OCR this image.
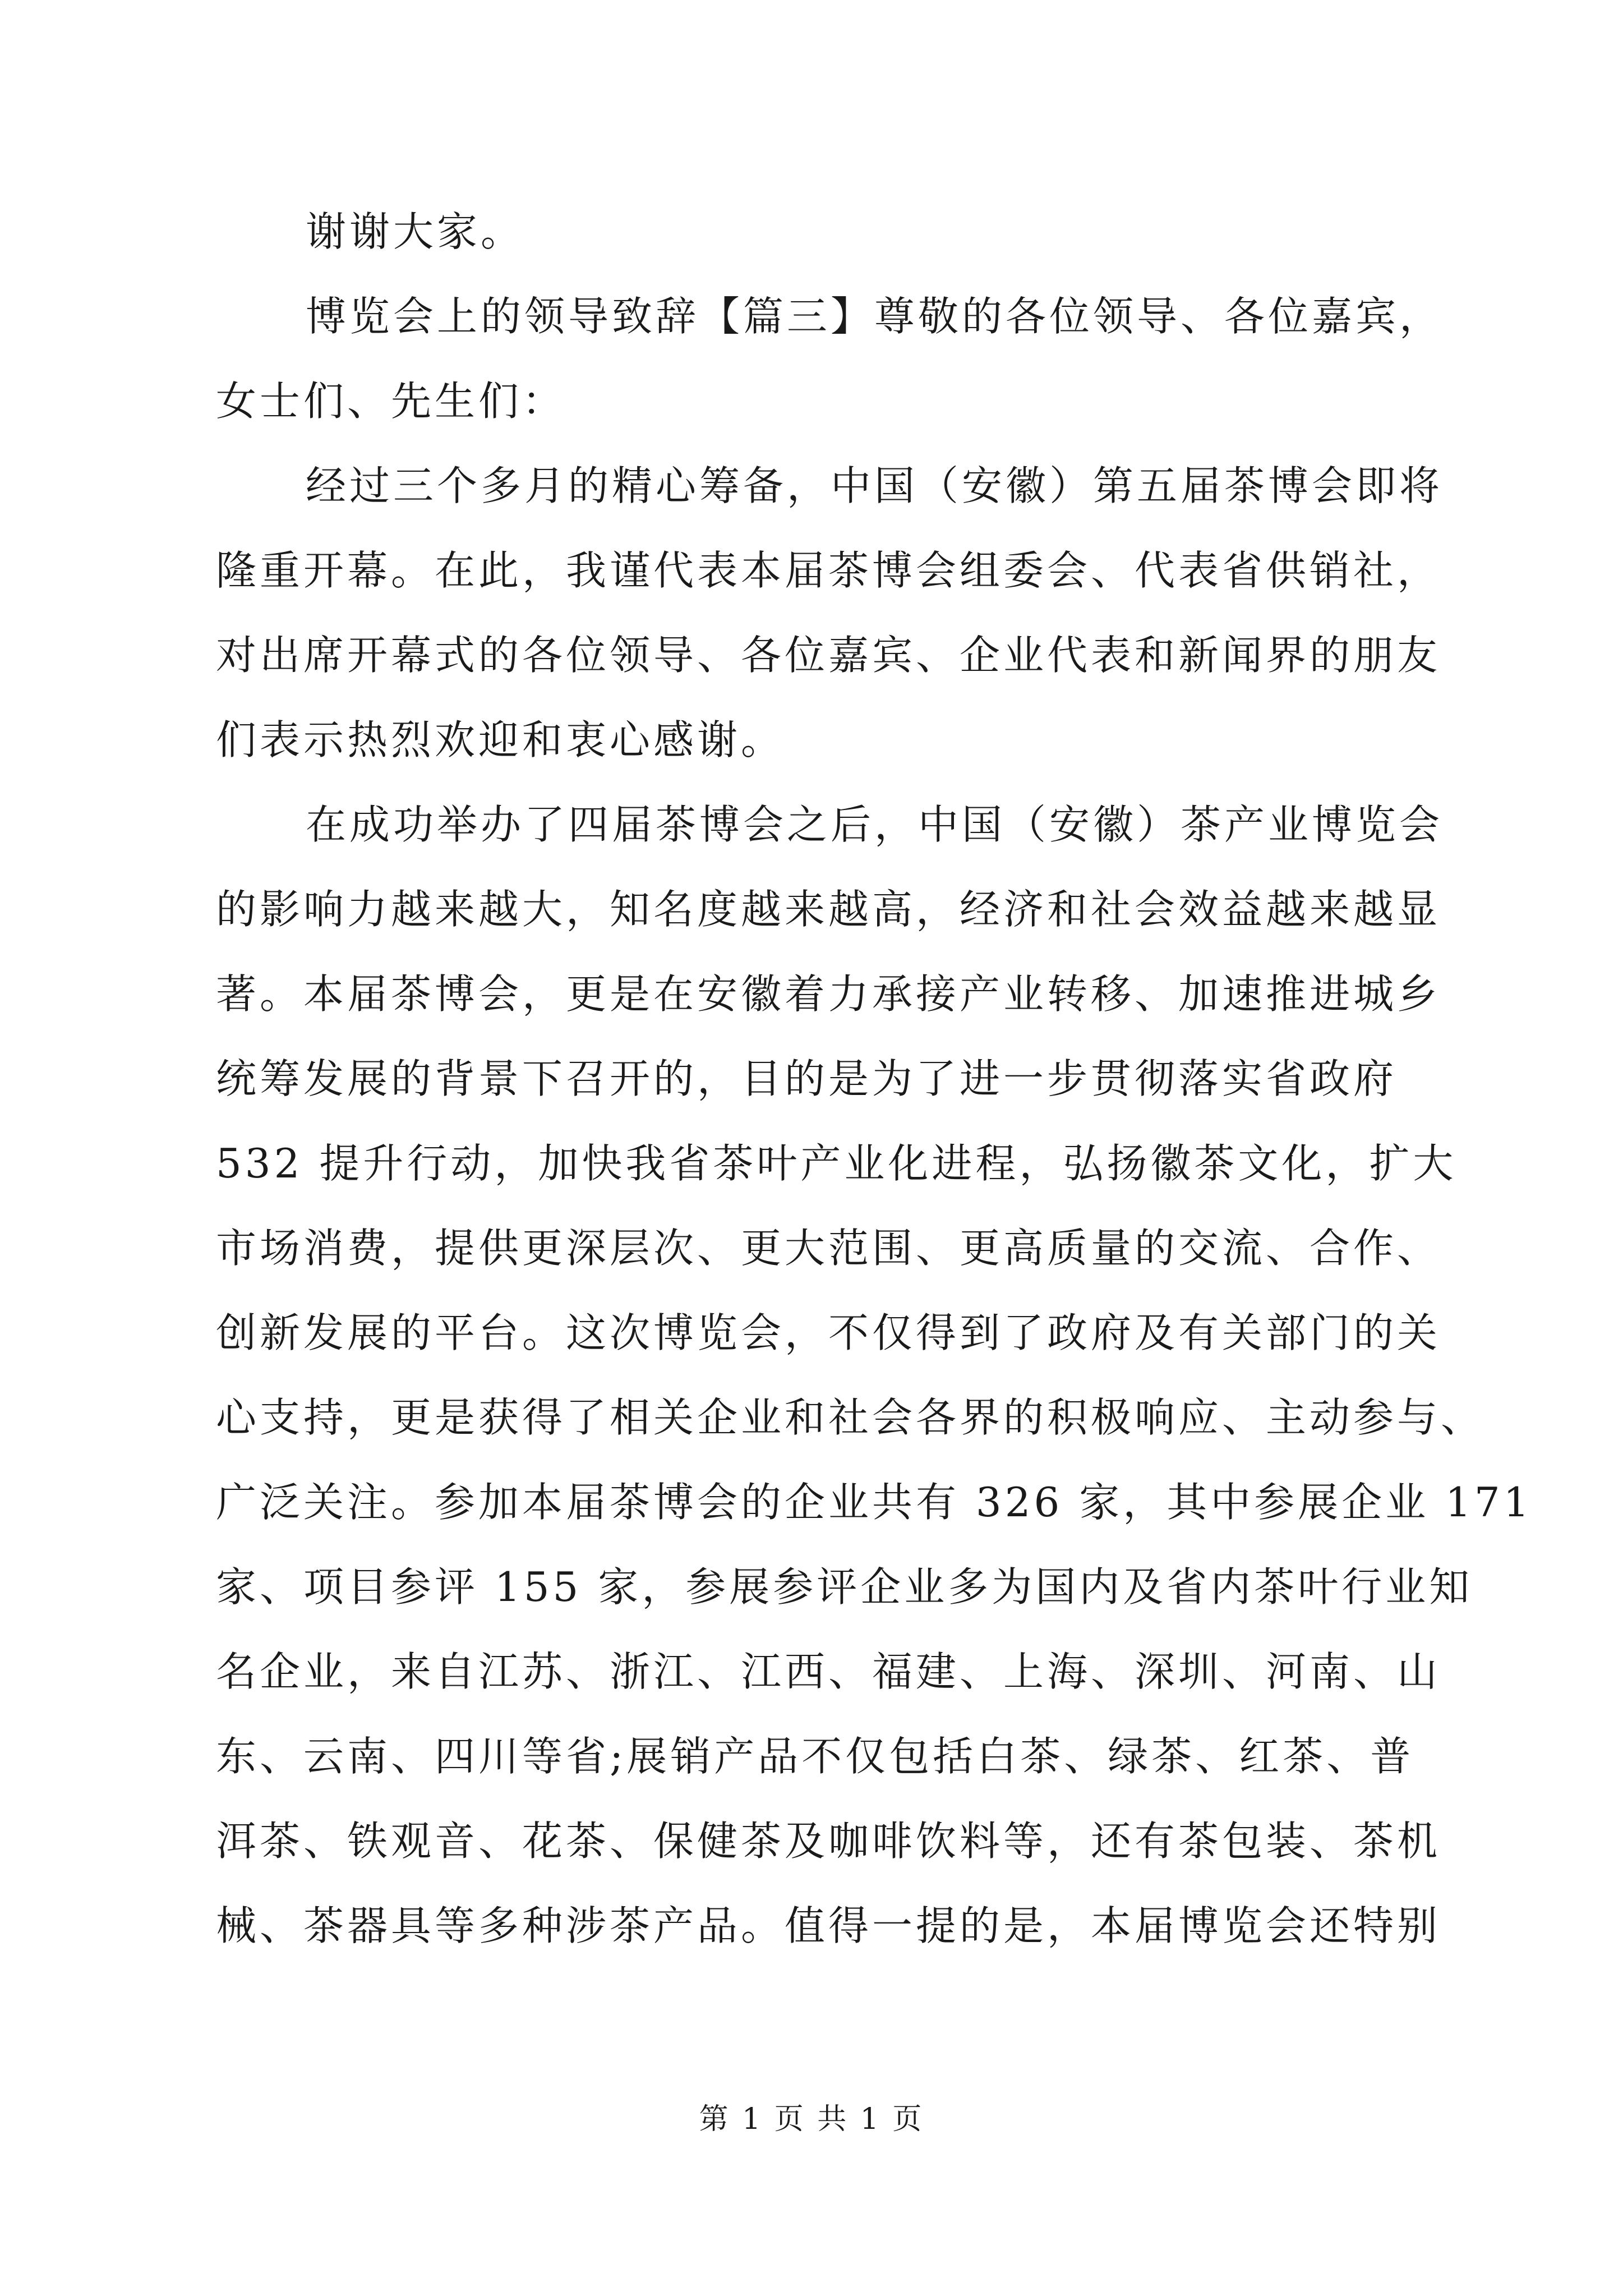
谢谢大家。

博览会上的领导致辞【篇三】尊敬的各位领导、各位嘉宾，

女士们、先生们：

经过三个多月的精心筹备，中国（安徽）第五届茶博会即将

隆重开幕。在此，我谨代表本届茶博会组委会、代表省供销社，

对出席开幕式的各位领导、各位嘉宾、企业代表和新闻界的朋友

们表示热烈欢迎和衷心感谢。

在成功举办了四届茶博会之后，中国（安徽）茶产业博览会

的影响力越来越大，知名度越来越高，经济和社会效益越来越显

著。本届茶博会，更是在安徽着力承接产业转移、加速推进城乡

统筹发展的背景下召开的，目的是为了进一步贯彻落实省政府

532 提升行动，加快我省茶叶产业化进程，弘扬徽茶文化，扩大

市场消费，提供更深层次、更大范围、更高质量的交流、合作、

创新发展的平台。这次博览会，不仅得到了政府及有关部门的关

心支持，更是获得了相关企业和社会各界的积极响应、主动参与、

广泛关注。参加本届茶博会的企业共有 326 家，其中参展企业 171

家、项目参评 155 家，参展参评企业多为国内及省内茶叶行业知

名企业，来自江苏、浙江、江西、福建、上海、深圳、河南、山

东、云南、四川等省;展销产品不仅包括白茶、绿茶、红茶、普

洱茶、铁观音、花茶、保健茶及咖啡饮料等，还有茶包装、茶机

械、茶器具等多种涉茶产品。值得一提的是，本届博览会还特别

第 1 页 共 1 页
